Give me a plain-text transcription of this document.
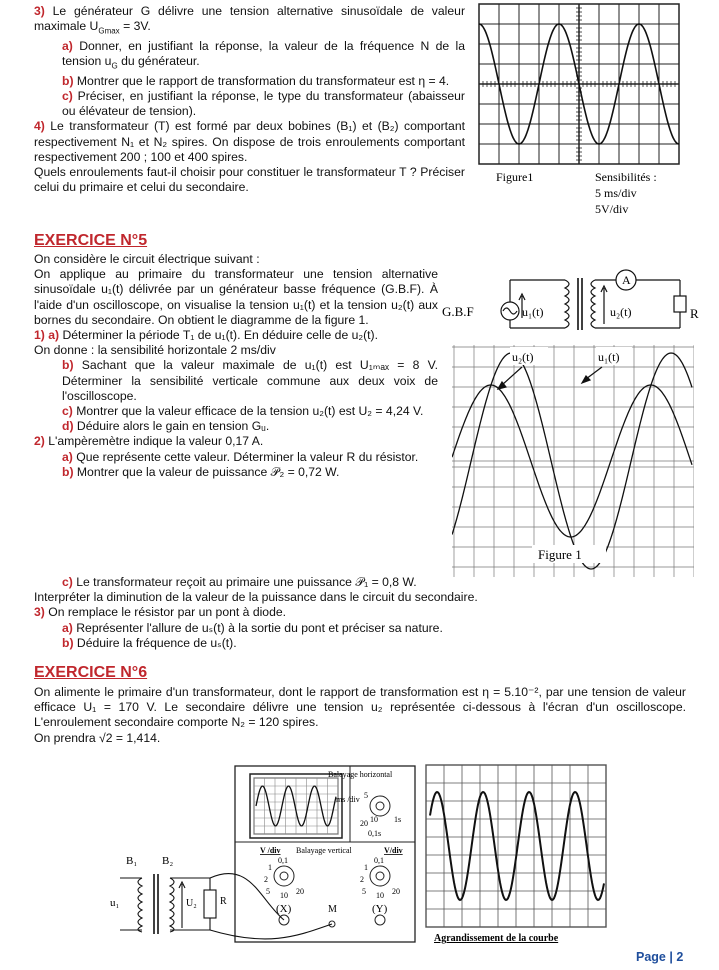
3) Le générateur G délivre une tension alternative sinusoïdale de valeur maximale $U_{Gmax} = 3V$.

a) Donner, en justifiant la réponse, la valeur de la fréquence N de la tension $u_G$ du générateur.

b) Montrer que le rapport de transformation du transformateur est η = 4.

c) Préciser, en justifiant la réponse, le type du transformateur (abaisseur ou élévateur de tension).

4) Le transformateur (T) est formé par deux bobines (B₁) et (B₂) comportant respectivement N₁ et N₂ spires. On dispose de trois enroulements comportant respectivement 200 ; 100 et 400 spires.

Quels enroulements faut-il choisir pour constituer le transformateur T ? Préciser celui du primaire et celui du secondaire.

Figure1	Sensibilités :
5 ms/div
5V/div
EXERCICE N°5

On considère le circuit électrique suivant :

On applique au primaire du transformateur une tension alternative sinusoïdale u₁(t) délivrée par un générateur basse fréquence (G.B.F). À l'aide d'un oscilloscope, on visualise la tension u₁(t) et la tension u₂(t) aux bornes du secondaire. On obtient le diagramme de la figure 1.

1) a) Déterminer la période T₁ de u₁(t). En déduire celle de u₂(t).

On donne : la sensibilité horizontale 2 ms/div

b) Sachant que la valeur maximale de u₁(t) est U₁ₘₐₓ = 8 V. Déterminer la sensibilité verticale commune aux deux voix de l'oscilloscope.

c) Montrer que la valeur efficace de la tension u₂(t) est U₂ = 4,24 V.

d) Déduire alors le gain en tension Gᵤ.

2) L'ampèremètre indique la valeur 0,17 A.

a) Que représente cette valeur. Déterminer la valeur R du résistor.

b) Montrer que la valeur de puissance 𝒫₂ = 0,72 W.

c) Le transformateur reçoit au primaire une puissance 𝒫₁ = 0,8 W.

Interpréter la diminution de la valeur de la puissance dans le circuit du secondaire.

3) On remplace le résistor par un pont à diode.

a) Représenter l'allure de uₛ(t) à la sortie du pont et préciser sa nature.

b) Déduire la fréquence de uₛ(t).

G.B.F	u₁(t)
A
u₂(t)	R
u₂(t)	u₁(t)
Figure 1
EXERCICE N°6

On alimente le primaire d'un transformateur, dont le rapport de transformation est η = 5.10⁻², par une tension de valeur efficace U₁ = 170 V. Le secondaire délivre une tension u₂ représentée ci-dessous à l'écran d'un oscilloscope. L'enroulement secondaire comporte N₂ = 120 spires.

On prendra √2 = 1,414.

Balayage horizontal
ms /div 5
10
20	1s
0,1s
V /div Balayage vertical	V/div
0,1
1
2
5 10 20
0,1
1
2
5 10 20
(X)	M	(Y)
u₁
B₁ B₂
U₂ R
Agrandissement de la courbe
Page | 2
